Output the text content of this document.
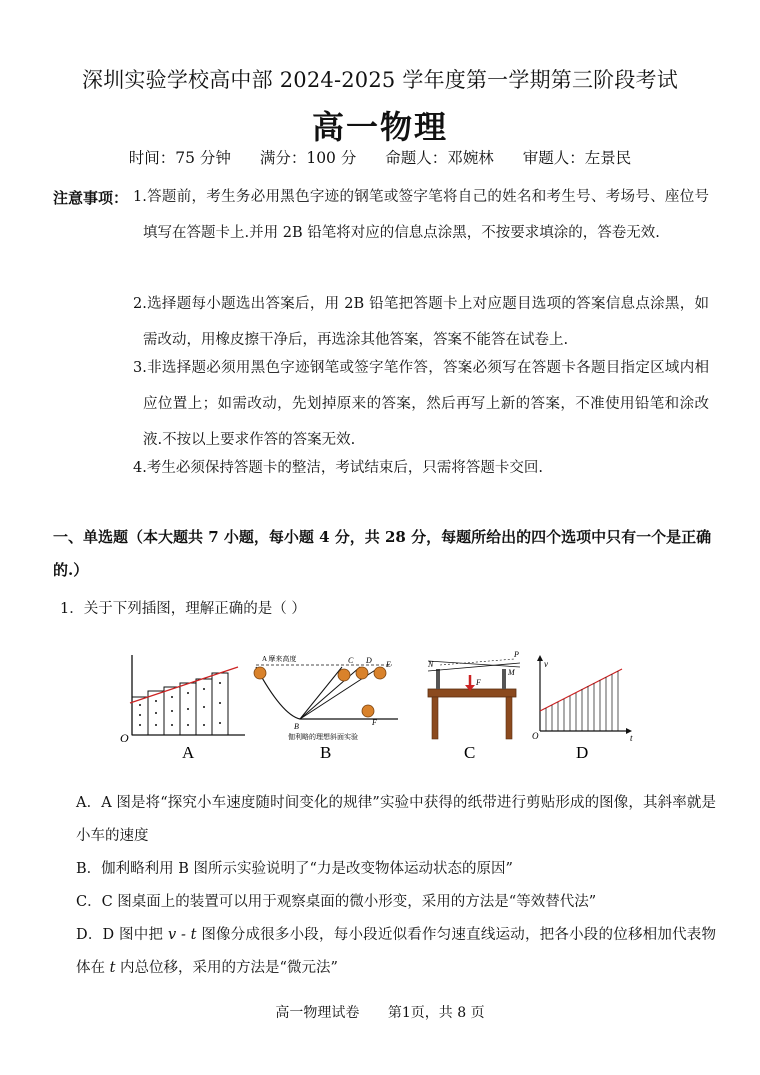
深圳实验学校高中部 2024-2025 学年度第一学期第三阶段考试
高一物理
时间：75 分钟 满分：100 分 命题人：邓婉林 审题人：左景民
注意事项： 1.答题前，考生务必用黑色字迹的钢笔或签字笔将自己的姓名和考生号、考场号、座位号填写在答题卡上.并用 2B 铅笔将对应的信息点涂黑，不按要求填涂的，答卷无效.
2.选择题每小题选出答案后，用 2B 铅笔把答题卡上对应题目选项的答案信息点涂黑，如需改动，用橡皮擦干净后，再选涂其他答案，答案不能答在试卷上.
3.非选择题必须用黑色字迹钢笔或签字笔作答，答案必须写在答题卡各题目指定区域内相应位置上；如需改动，先划掉原来的答案，然后再写上新的答案，不准使用铅笔和涂改液.不按以上要求作答的答案无效.
4.考生必须保持答题卡的整洁，考试结束后，只需将答题卡交回.
一、单选题（本大题共 7 小题，每小题 4 分，共 28 分，每题所给出的四个选项中只有一个是正确的.）
1．关于下列插图，理解正确的是（ ）
O
A
A 摩来高度
B
C D E
F
伽利略的理想斜面实验
B
N
M
P
F
C
v
t
O
D
A．A 图是将“探究小车速度随时间变化的规律”实验中获得的纸带进行剪贴形成的图像，其斜率就是小车的速度
B．伽利略利用 B 图所示实验说明了“力是改变物体运动状态的原因”
C．C 图桌面上的装置可以用于观察桌面的微小形变，采用的方法是“等效替代法”
D．D 图中把 v - t 图像分成很多小段，每小段近似看作匀速直线运动，把各小段的位移相加代表物体在 t 内总位移，采用的方法是“微元法”
高一物理试卷 第1页，共 8 页
